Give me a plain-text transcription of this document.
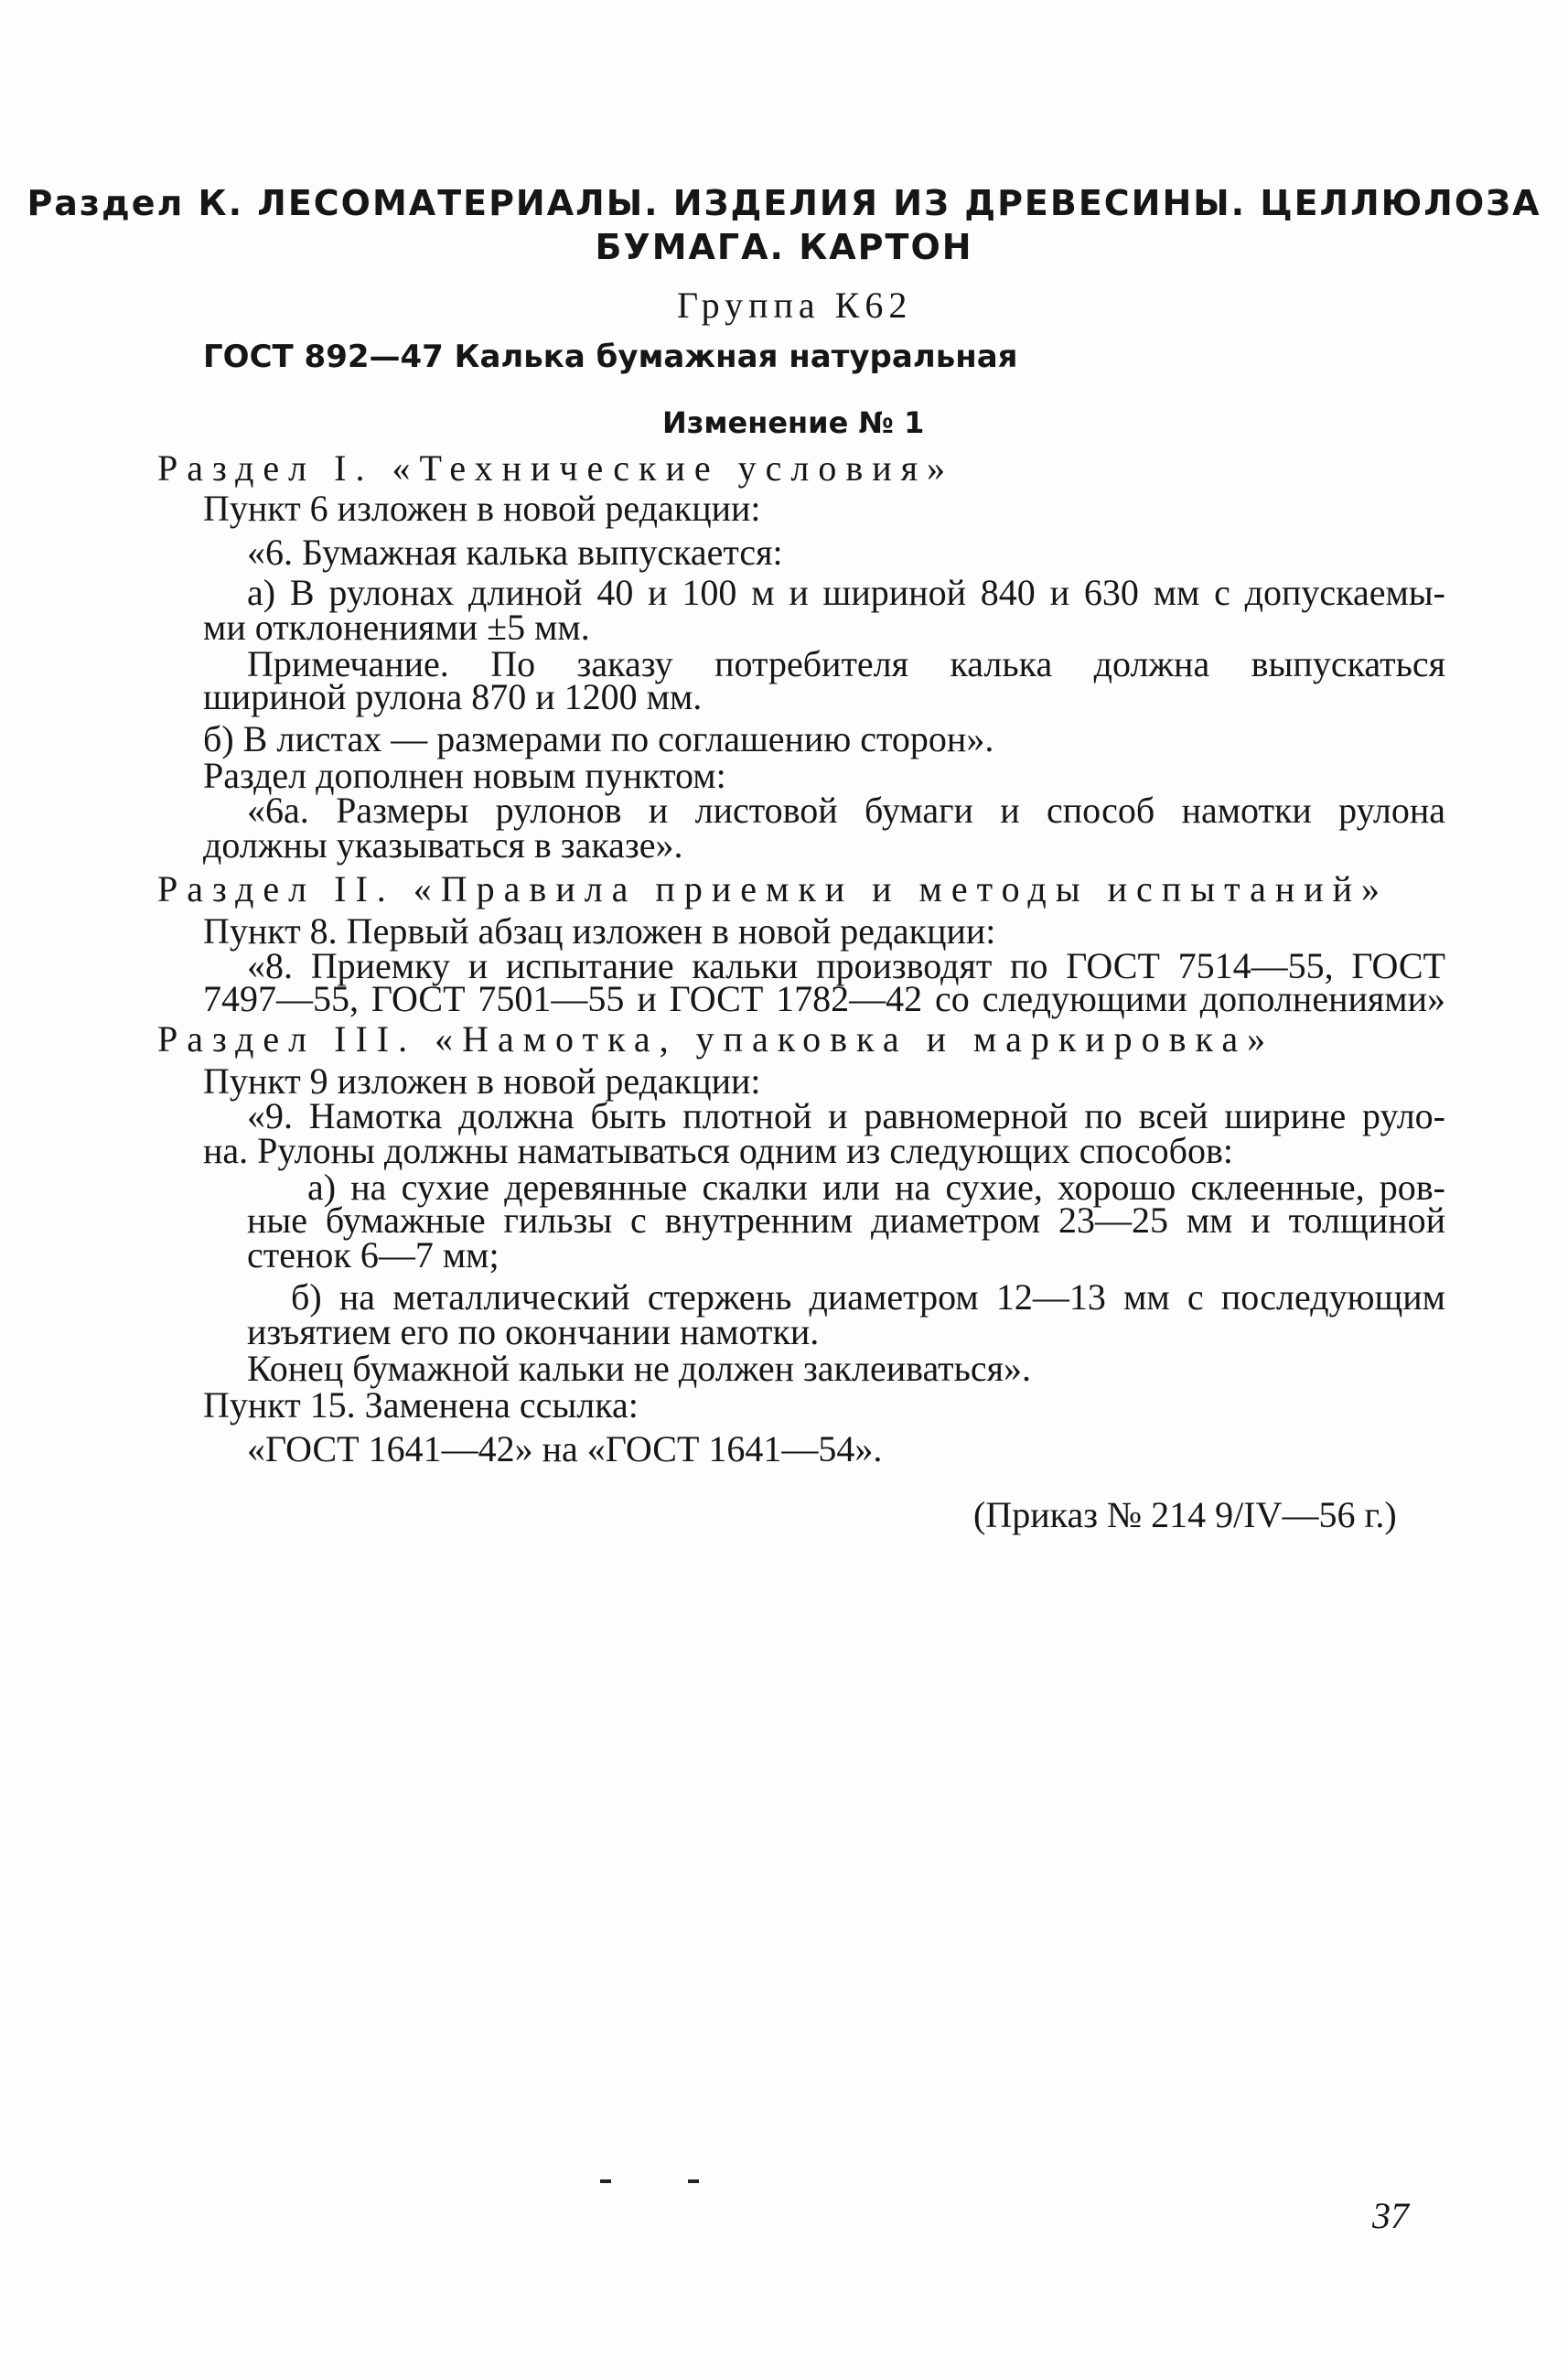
Раздел К. ЛЕСОМАТЕРИАЛЫ. ИЗДЕЛИЯ ИЗ ДРЕВЕСИНЫ. ЦЕЛЛЮЛОЗА
БУМАГА. КАРТОН
Группа К62
ГОСТ 892—47 Калька бумажная натуральная
Изменение № 1
Раздел I. «Технические условия»
Пункт 6 изложен в новой редакции:
«6. Бумажная калька выпускается:
а) В рулонах длиной 40 и 100 м и шириной 840 и 630 мм с допускаемы-
ми отклонениями ±5 мм.
Примечание. По заказу потребителя калька должна выпускаться
шириной рулона 870 и 1200 мм.
б) В листах — размерами по соглашению сторон».
Раздел дополнен новым пунктом:
«6а. Размеры рулонов и листовой бумаги и способ намотки рулона
должны указываться в заказе».
Раздел II. «Правила приемки и методы испытаний»
Пункт 8. Первый абзац изложен в новой редакции:
«8. Приемку и испытание кальки производят по ГОСТ 7514—55, ГОСТ
7497—55, ГОСТ 7501—55 и ГОСТ 1782—42 со следующими дополнениями»
Раздел III. «Намотка, упаковка и маркировка»
Пункт 9 изложен в новой редакции:
«9. Намотка должна быть плотной и равномерной по всей ширине руло-
на. Рулоны должны наматываться одним из следующих способов:
а) на сухие деревянные скалки или на сухие, хорошо склеенные, ров-
ные бумажные гильзы с внутренним диаметром 23—25 мм и толщиной
стенок 6—7 мм;
б) на металлический стержень диаметром 12—13 мм с последующим
изъятием его по окончании намотки.
Конец бумажной кальки не должен заклеиваться».
Пункт 15. Заменена ссылка:
«ГОСТ 1641—42» на «ГОСТ 1641—54».
(Приказ № 214 9/IV—56 г.)
37
